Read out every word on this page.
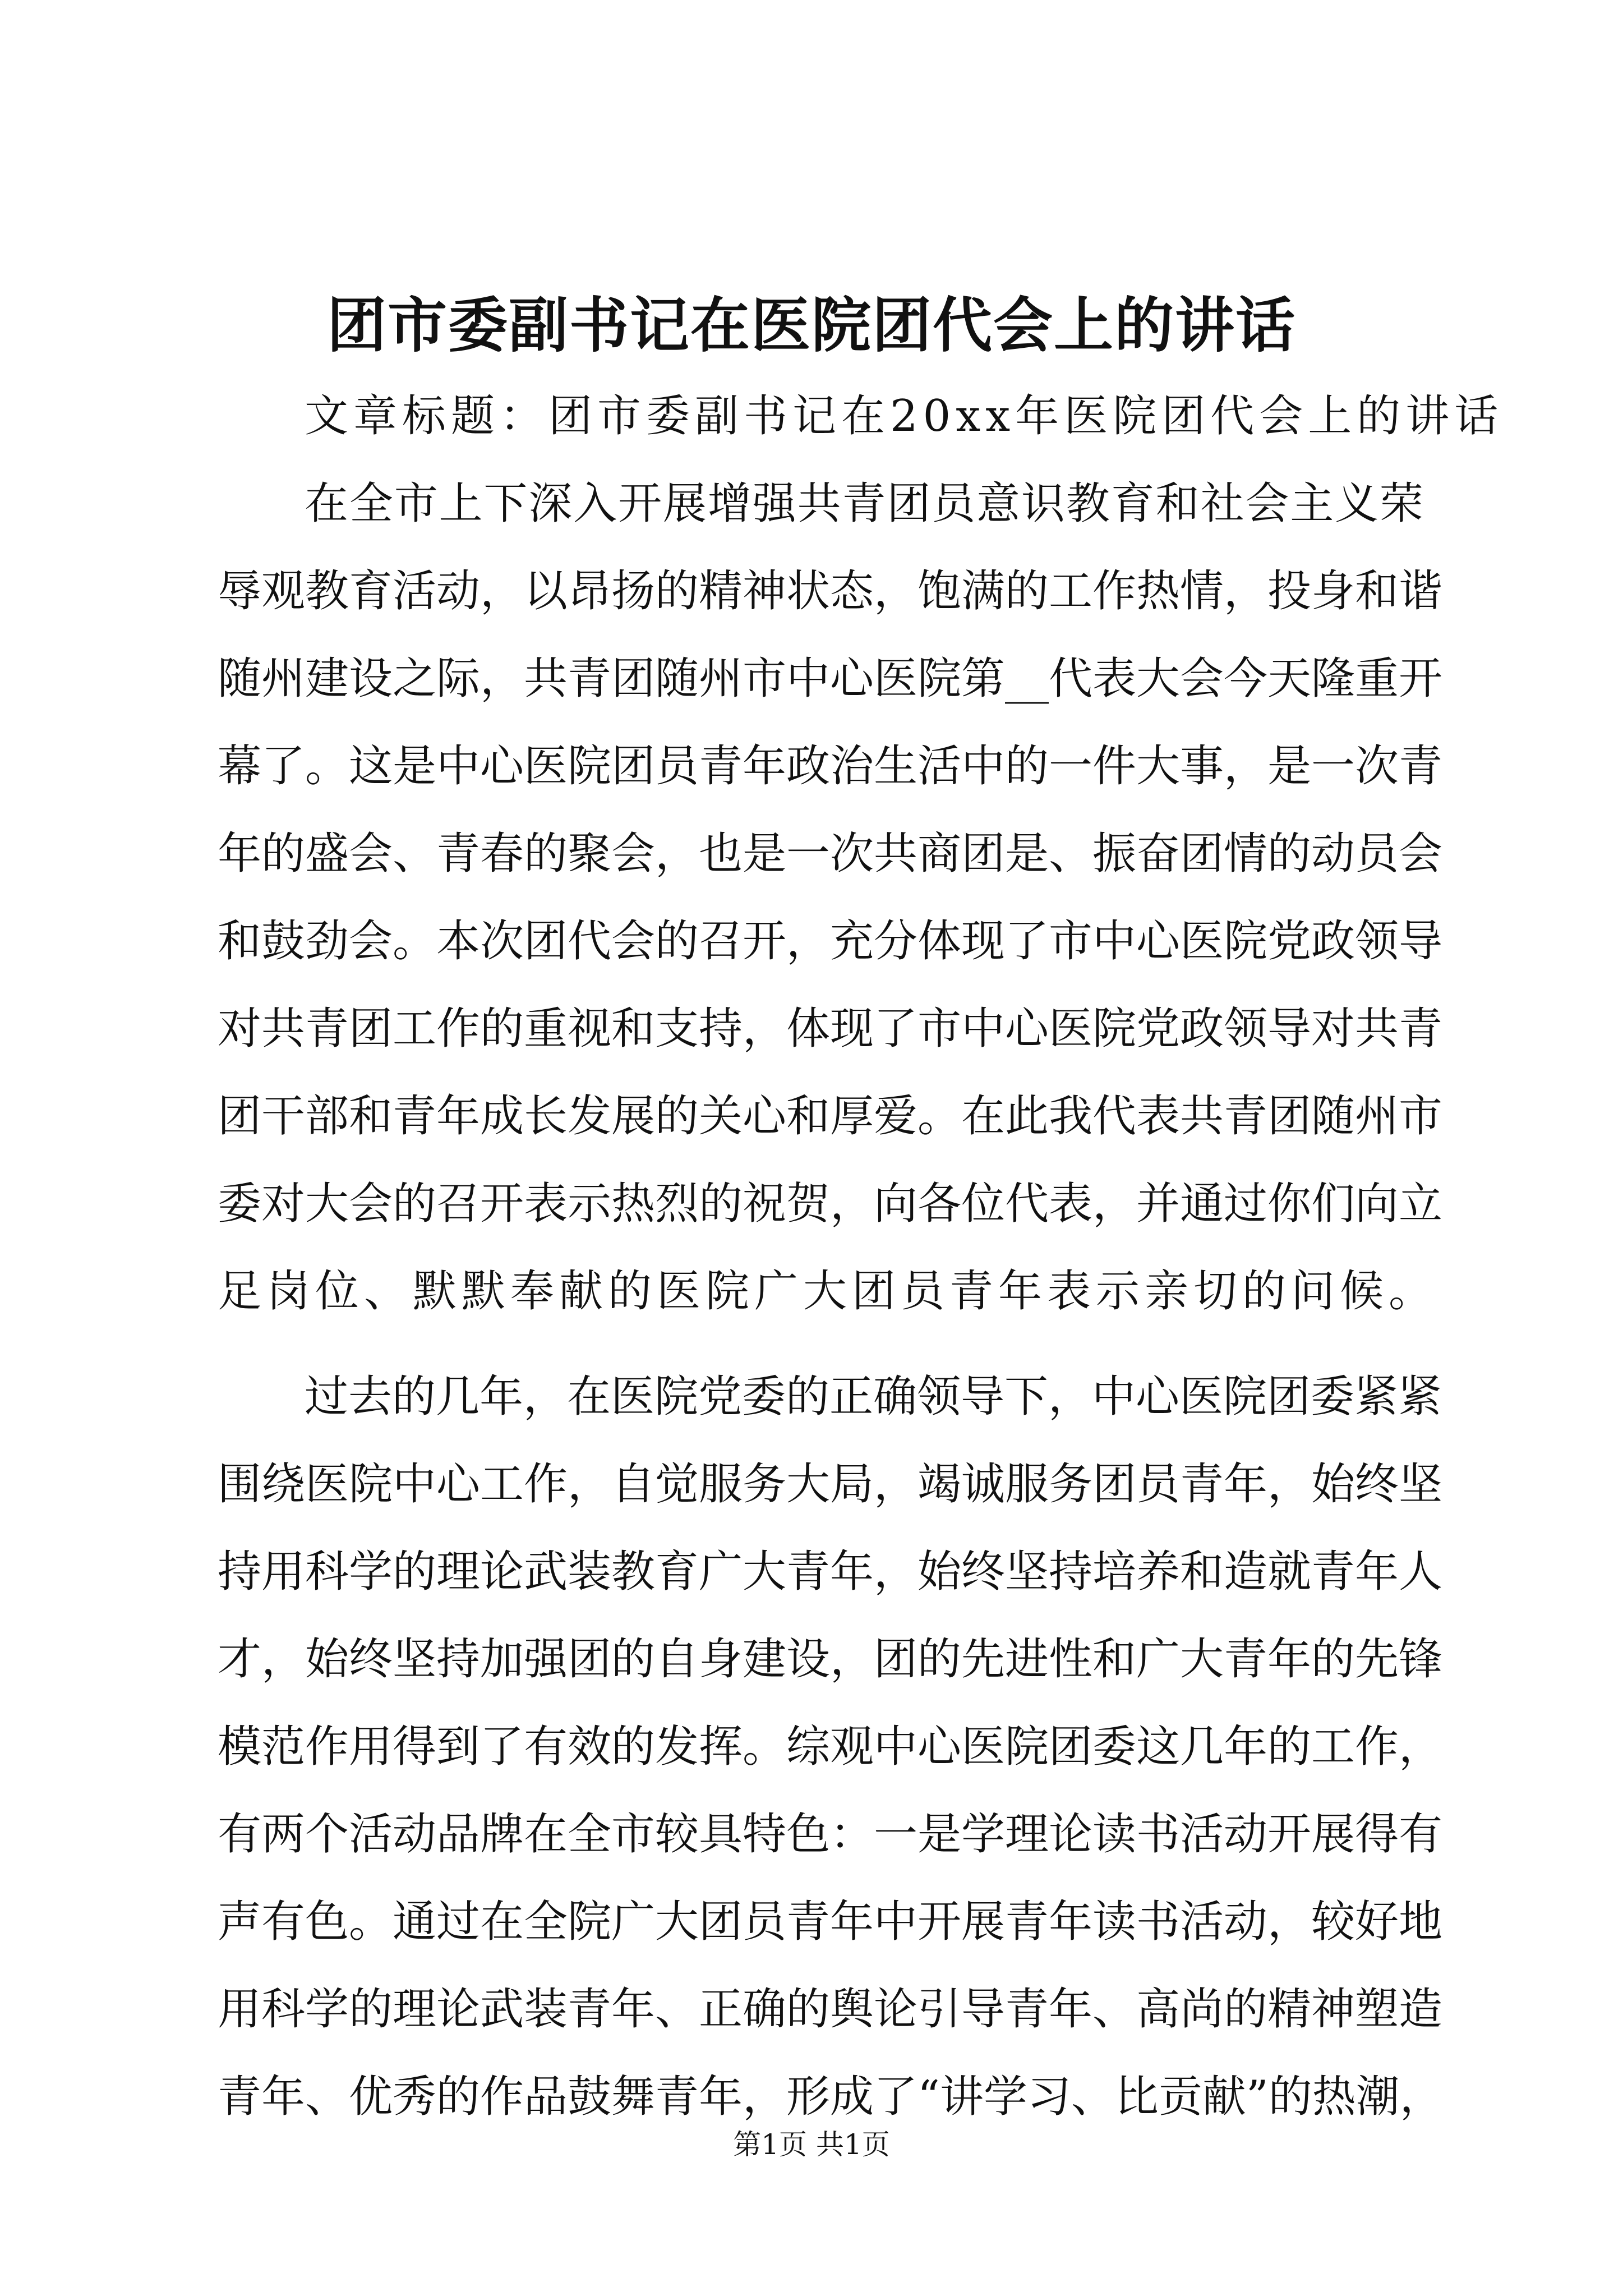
团市委副书记在医院团代会上的讲话
文章标题：团市委副书记在20xx年医院团代会上的讲话
在全市上下深入开展增强共青团员意识教育和社会主义荣
辱观教育活动，以昂扬的精神状态，饱满的工作热情，投身和谐
随州建设之际，共青团随州市中心医院第__代表大会今天隆重开
幕了。这是中心医院团员青年政治生活中的一件大事，是一次青
年的盛会、青春的聚会，也是一次共商团是、振奋团情的动员会
和鼓劲会。本次团代会的召开，充分体现了市中心医院党政领导
对共青团工作的重视和支持，体现了市中心医院党政领导对共青
团干部和青年成长发展的关心和厚爱。在此我代表共青团随州市
委对大会的召开表示热烈的祝贺，向各位代表，并通过你们向立
足岗位、默默奉献的医院广大团员青年表示亲切的问候。
过去的几年，在医院党委的正确领导下，中心医院团委紧紧
围绕医院中心工作，自觉服务大局，竭诚服务团员青年，始终坚
持用科学的理论武装教育广大青年，始终坚持培养和造就青年人
才，始终坚持加强团的自身建设，团的先进性和广大青年的先锋
模范作用得到了有效的发挥。综观中心医院团委这几年的工作，
有两个活动品牌在全市较具特色：一是学理论读书活动开展得有
声有色。通过在全院广大团员青年中开展青年读书活动，较好地
用科学的理论武装青年、正确的舆论引导青年、高尚的精神塑造
青年、优秀的作品鼓舞青年，形成了“讲学习、比贡献”的热潮，
第1页 共1页
